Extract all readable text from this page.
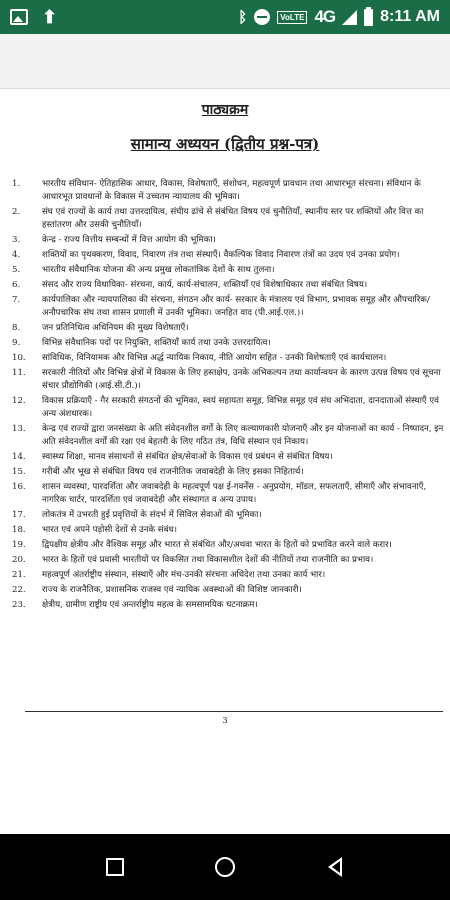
⬆	ᛒ	VoLTE 4G	8:11 AM
पाठ्यक्रम
सामान्य अध्ययन (द्वितीय प्रश्न-पत्र)
1.	भारतीय संविधान- ऐतिहासिक आधार, विकास, विशेषताएँ, संशोधन, महत्वपूर्ण प्रावधान तथा आधारभूत संरचना। संविधान के आधारभूत प्रावधानों के विकास में उच्चतम न्यायालय की भूमिका।
2.	संघ एवं राज्यों के कार्य तथा उत्तरदायित्व, संघीय ढांचे से संबंधित विषय एवं चुनौतियाँ, स्थानीय स्तर पर शक्तियों और वित्त का हस्तांतरण और उसकी चुनौतियाँ।
3.	केन्द्र - राज्य वित्तीय सम्बन्धों में वित्त आयोग की भूमिका।
4.	शक्तियों का पृथक्करण, विवाद, निवारण तंत्र तथा संस्थाएँ। वैकल्पिक विवाद निवारण तंत्रों का उदय एवं उनका प्रयोग।
5.	भारतीय संवैधानिक योजना की अन्य प्रमुख लोकतांत्रिक देशों के साथ तुलना।
6.	संसद और राज्य विधायिका- संरचना, कार्य, कार्य-संचालन, शक्तियाँ एवं विशेषाधिकार तथा संबंधित विषय।
7.	कार्यपालिका और न्यायपालिका की संरचना, संगठन और कार्य- सरकार के मंत्रालय एवं विभाग, प्रभावक समूह और औपचारिक/अनौपचारिक संघ तथा शासन प्रणाली में उनकी भूमिका। जनहित वाद (पी.आई.एल.)।
8.	जन प्रतिनिधित्व अधिनियम की मुख्य विशेषताएँ।
9.	विभिन्न संवैधानिक पदों पर नियुक्ति, शक्तियाँ कार्य तथा उनके उत्तरदायित्व।
10.	सांविधिक, विनियामक और विभिन्न अर्द्ध न्यायिक निकाय, नीति आयोग सहित - उनकी विशेषताएँ एवं कार्यचालन।
11.	सरकारी नीतियों और विभिन्न क्षेत्रों में विकास के लिए हस्तक्षेप, उनके अभिकल्पन तथा कार्यान्वयन के कारण उत्पन्न विषय एवं सूचना संचार प्रौद्योगिकी (आई.सी.टी.)।
12.	विकास प्रक्रियाएँ - गैर सरकारी संगठनों की भूमिका, स्वयं सहायता समूह, विभिन्न समूह एवं संघ अभिदाता, दानदाताओं संस्थाएँ एवं अन्य अंशधारक।
13.	केन्द्र एवं राज्यों द्वारा जनसंख्या के अति संवेदनशील वर्गों के लिए कल्याणकारी योजनाएँ और इन योजनाओं का कार्य - निष्पादन, इन अति संवेदनशील वर्गों की रक्षा एवं बेहतरी के लिए गठित तंत्र, विधि संस्थान एवं निकाय।
14.	स्वास्थ्य शिक्षा, मानव संसाधनों से संबंधित क्षेत्र/सेवाओं के विकास एवं प्रबंधन से संबंधित विषय।
15.	गरीबी और भूख से संबंधित विषय एवं राजनीतिक जवाबदेही के लिए इसका निहितार्थ।
16.	शासन व्यवस्था, पारदर्शिता और जवाबदेही के महत्वपूर्ण पक्ष ई-गवर्नेंस - अनुप्रयोग, मॉडल, सफलताएँ, सीमाएँ और संभावनाएँ, नागरिक चार्टर, पारदर्शिता एवं जवाबदेही और संस्थागत व अन्य उपाय।
17.	लोकतंत्र में उभरती हुई प्रवृत्तियों के संदर्भ में सिविल सेवाओं की भूमिका।
18.	भारत एवं अपने पड़ोसी देशों से उनके संबंध।
19.	द्विपक्षीय क्षेत्रीय और वैश्विक समूह और भारत से संबंधित और/अथवा भारत के हितों को प्रभावित करने वाले करार।
20.	भारत के हितों एवं प्रवासी भारतीयों पर विकसित तथा विकासशील देशों की नीतियों तथा राजनीति का प्रभाव।
21.	महत्वपूर्ण अंतर्राष्ट्रीय संस्थान, संस्थाएँ और मंच-उनकी संरचना अधिदेश तथा उनका कार्य भार।
22.	राज्य के राजनैतिक, प्रशासनिक राजस्व एवं न्यायिक अवस्थाओं की विशिष्ट जानकारी।
23.	क्षेत्रीय, ग्रामीण राष्ट्रीय एवं अन्तर्राष्ट्रीय महत्व के समसामयिक घटनाक्रम।
3
